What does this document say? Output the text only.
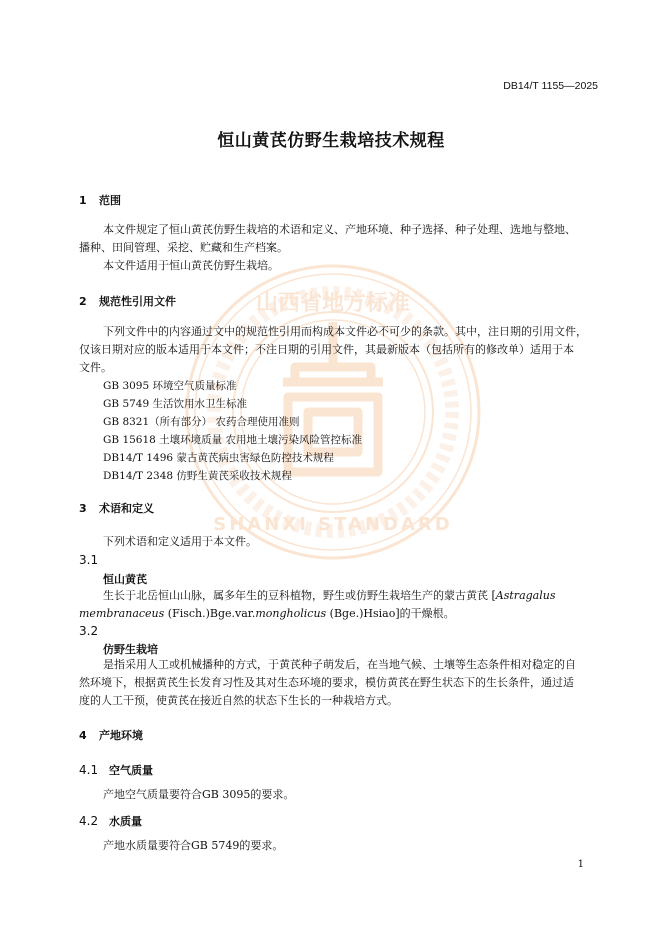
山西省地方标准
SHANXI STANDARD
DB14/T 1155—2025
恒山黄芪仿野生栽培技术规程
1 范围
本文件规定了恒山黄芪仿野生栽培的术语和定义、产地环境、种子选择、种子处理、选地与整地、
播种、田间管理、采挖、贮藏和生产档案。
本文件适用于恒山黄芪仿野生栽培。
2 规范性引用文件
下列文件中的内容通过文中的规范性引用而构成本文件必不可少的条款。其中，注日期的引用文件，
仅该日期对应的版本适用于本文件；不注日期的引用文件，其最新版本（包括所有的修改单）适用于本
文件。
GB 3095 环境空气质量标准
GB 5749 生活饮用水卫生标准
GB 8321（所有部分） 农药合理使用准则
GB 15618 土壤环境质量 农用地土壤污染风险管控标准
DB14/T 1496 蒙古黄芪病虫害绿色防控技术规程
DB14/T 2348 仿野生黄芪采收技术规程
3 术语和定义
下列术语和定义适用于本文件。
3.1
恒山黄芪
生长于北岳恒山山脉，属多年生的豆科植物，野生或仿野生栽培生产的蒙古黄芪 [Astragalus
membranaceus (Fisch.)Bge.var.mongholicus (Bge.)Hsiao]的干燥根。
3.2
仿野生栽培
是指采用人工或机械播种的方式，于黄芪种子萌发后，在当地气候、土壤等生态条件相对稳定的自
然环境下，根据黄芪生长发育习性及其对生态环境的要求，模仿黄芪在野生状态下的生长条件，通过适
度的人工干预，使黄芪在接近自然的状态下生长的一种栽培方式。
4 产地环境
4.1 空气质量
产地空气质量要符合GB 3095的要求。
4.2 水质量
产地水质量要符合GB 5749的要求。
1
